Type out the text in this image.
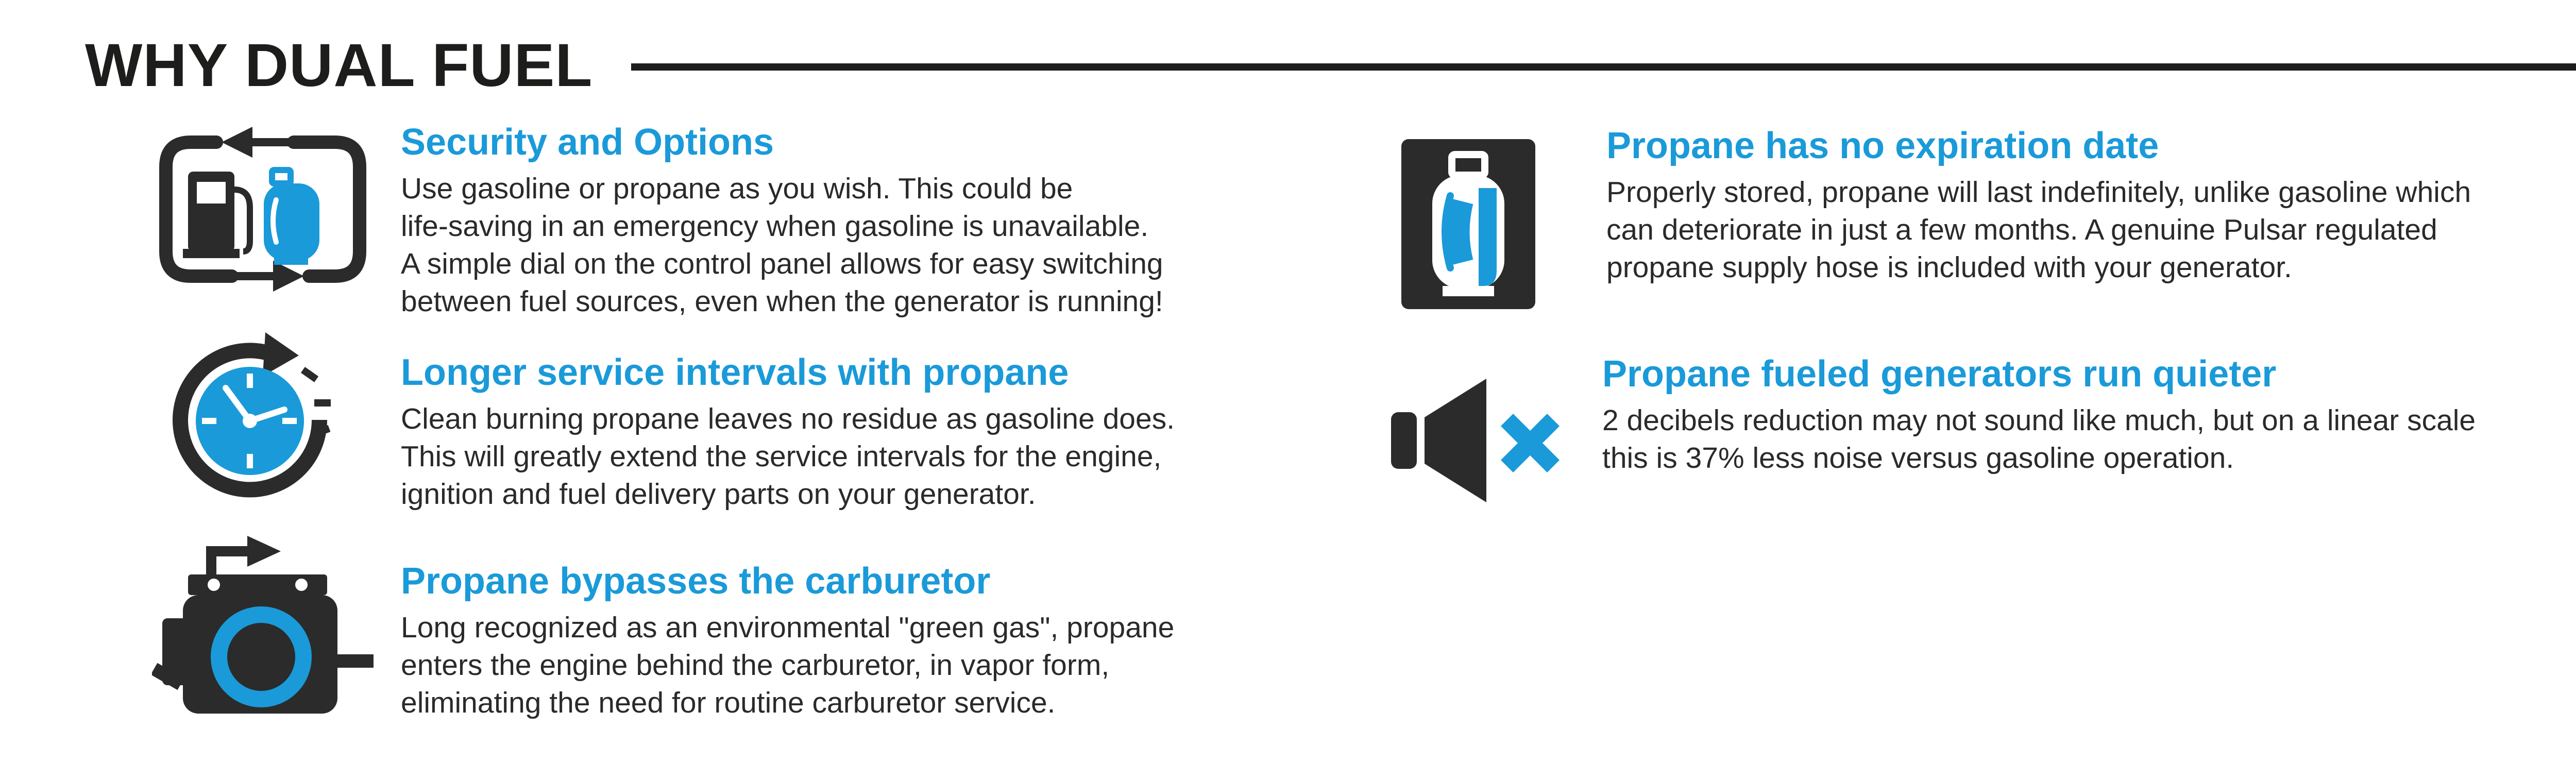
WHY DUAL FUEL
Security and Options

Use gasoline or propane as you wish. This could be
life-saving in an emergency when gasoline is unavailable.
A simple dial on the control panel allows for easy switching
between fuel sources, even when the generator is running!

Longer service intervals with propane

Clean burning propane leaves no residue as gasoline does.
This will greatly extend the service intervals for the engine,
ignition and fuel delivery parts on your generator.

Propane bypasses the carburetor

Long recognized as an environmental "green gas", propane
enters the engine behind the carburetor, in vapor form,
eliminating the need for routine carburetor service.

Propane has no expiration date

Properly stored, propane will last indefinitely, unlike gasoline which
can deteriorate in just a few months. A genuine Pulsar regulated
propane supply hose is included with your generator.

Propane fueled generators run quieter

2 decibels reduction may not sound like much, but on a linear scale
this is 37% less noise versus gasoline operation.
